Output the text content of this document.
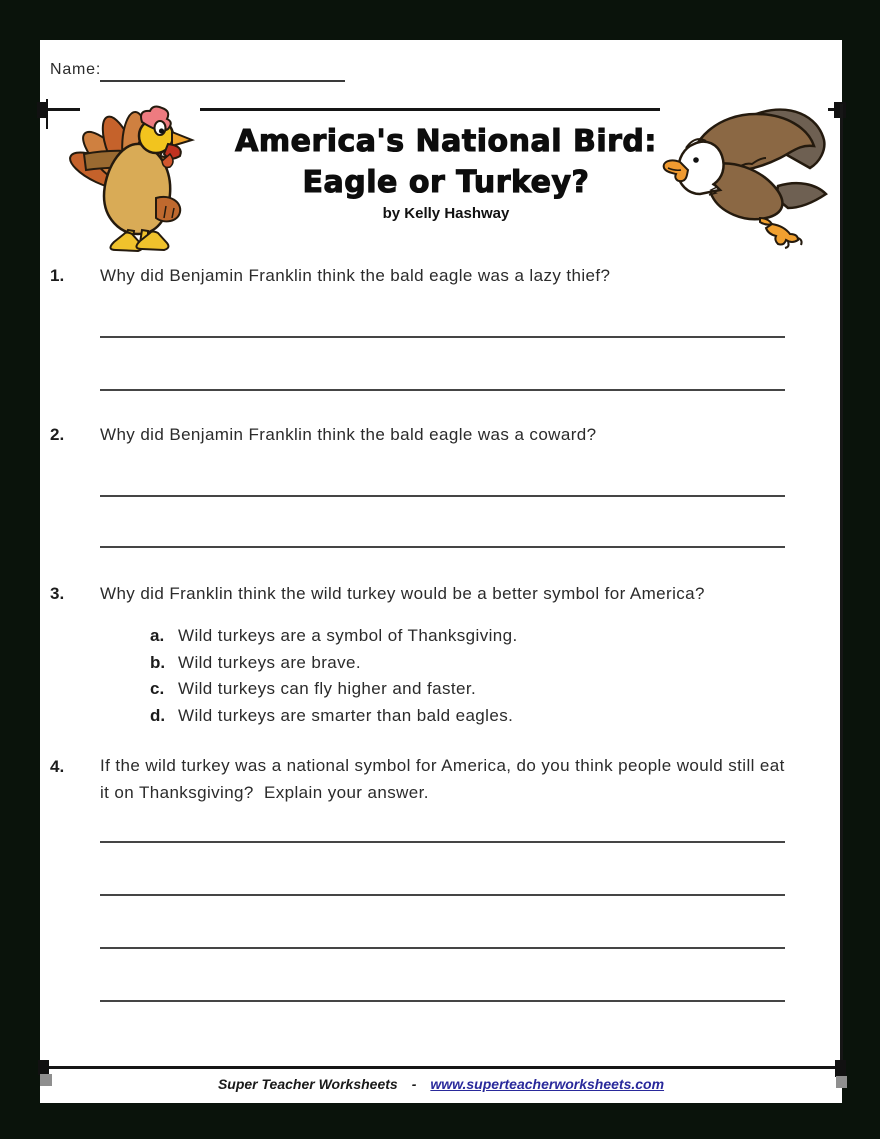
Name:
America's National Bird:
Eagle or Turkey?
by Kelly Hashway
1. Why did Benjamin Franklin think the bald eagle was a lazy thief?
2. Why did Benjamin Franklin think the bald eagle was a coward?
3. Why did Franklin think the wild turkey would be a better symbol for America?
a. Wild turkeys are a symbol of Thanksgiving.
b. Wild turkeys are brave.
c. Wild turkeys can fly higher and faster.
d. Wild turkeys are smarter than bald eagles.
4. If the wild turkey was a national symbol for America, do you think people would still eat
it on Thanksgiving?  Explain your answer.
Super Teacher Worksheets - www.superteacherworksheets.com
